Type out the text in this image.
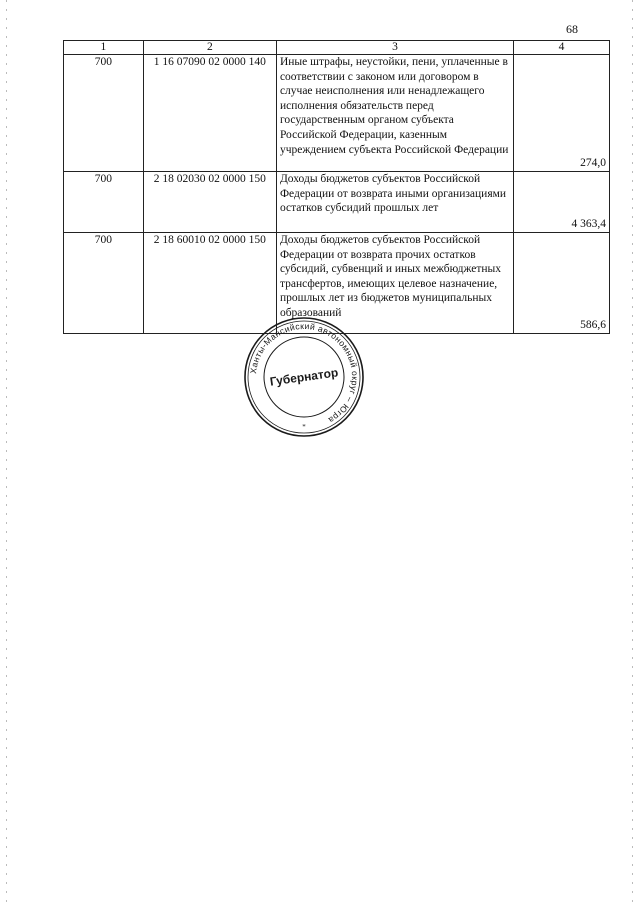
68
1	2	3	4
700	1 16 07090 02 0000 140	Иные штрафы, неустойки, пени, уплаченные в соответствии с законом или договором в случае неисполнения или ненадлежащего исполнения обязательств перед государственным органом субъекта Российской Федерации, казенным учреждением субъекта Российской Федерации	274,0
700	2 18 02030 02 0000 150	Доходы бюджетов субъектов Российской Федерации от возврата иными организациями остатков субсидий прошлых лет	4 363,4
700	2 18 60010 02 0000 150	Доходы бюджетов субъектов Российской Федерации от возврата прочих остатков субсидий, субвенций и иных межбюджетных трансфертов, имеющих целевое назначение, прошлых лет из бюджетов муниципальных образований	586,6
Ханты-Мансийский автономный округ – Югра
Губернатор
*
